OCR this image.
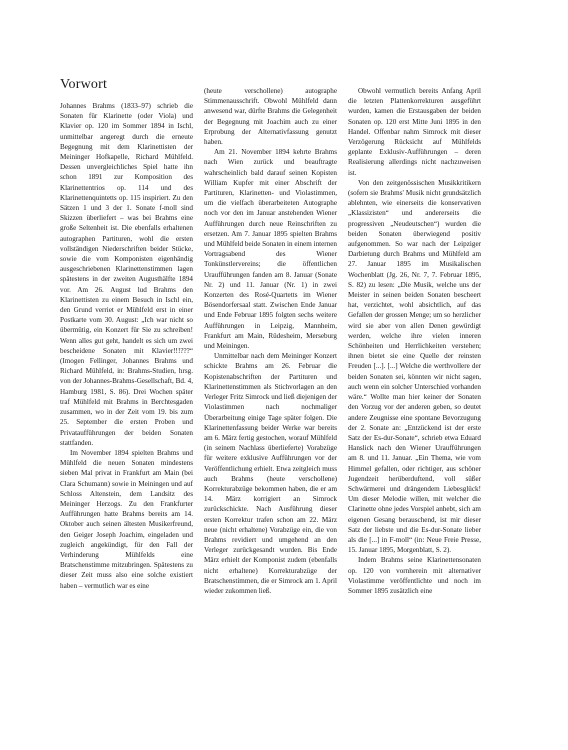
Vorwort

Johannes Brahms (1833–97) schrieb die Sonaten für Klarinette (oder Viola) und Klavier op. 120 im Sommer 1894 in Ischl, unmittelbar angeregt durch die erneute Begegnung mit dem Klarinettisten der Meininger Hofkapelle, Richard Mühlfeld. Dessen unvergleichliches Spiel hatte ihn schon 1891 zur Komposition des Klarinettentrios op. 114 und des Klarinettenquintetts op. 115 inspiriert. Zu den Sätzen 1 und 3 der 1. Sonate f-moll sind Skizzen überliefert – was bei Brahms eine große Seltenheit ist. Die ebenfalls erhaltenen autographen Partituren, wohl die ersten vollständigen Niederschriften beider Stücke, sowie die vom Komponisten eigenhändig ausgeschriebenen Klarinettenstimmen lagen spätestens in der zweiten Augusthälfte 1894 vor. Am 26. August lud Brahms den Klarinettisten zu einem Besuch in Ischl ein, den Grund verriet er Mühlfeld erst in einer Postkarte vom 30. August: „Ich war nicht so übermütig, ein Konzert für Sie zu schreiben! Wenn alles gut geht, handelt es sich um zwei bescheidene Sonaten mit Klavier!!!???“ (Imogen Fellinger, Johannes Brahms und Richard Mühlfeld, in: Brahms-Studien, hrsg. von der Johannes-Brahms-Gesellschaft, Bd. 4, Hamburg 1981, S. 86). Drei Wochen später traf Mühlfeld mit Brahms in Berchtesgaden zusammen, wo in der Zeit vom 19. bis zum 25. September die ersten Proben und Privataufführungen der beiden Sonaten stattfanden.

Im November 1894 spielten Brahms und Mühlfeld die neuen Sonaten mindestens sieben Mal privat in Frankfurt am Main (bei Clara Schumann) sowie in Meiningen und auf Schloss Altenstein, dem Landsitz des Meininger Herzogs. Zu den Frankfurter Aufführungen hatte Brahms bereits am 14. Oktober auch seinen ältesten Musikerfreund, den Geiger Joseph Joachim, eingeladen und zugleich angekündigt, für den Fall der Verhinderung Mühlfelds eine Bratschenstimme mitzubringen. Spätestens zu dieser Zeit muss also eine solche existiert haben – vermutlich war es eine

(heute verschollene) autographe Stimmenausschrift. Obwohl Mühlfeld dann anwesend war, dürfte Brahms die Gelegenheit der Begegnung mit Joachim auch zu einer Erprobung der Alternativfassung genutzt haben.

Am 21. November 1894 kehrte Brahms nach Wien zurück und beauftragte wahrscheinlich bald darauf seinen Kopisten William Kupfer mit einer Abschrift der Partituren, Klarinetten- und Violastimmen, um die vielfach überarbeiteten Autographe noch vor den im Januar anstehenden Wiener Aufführungen durch neue Reinschriften zu ersetzen. Am 7. Januar 1895 spielten Brahms und Mühlfeld beide Sonaten in einem internen Vortragsabend des Wiener Tonkünstlervereins; die öffentlichen Uraufführungen fanden am 8. Januar (Sonate Nr. 2) und 11. Januar (Nr. 1) in zwei Konzerten des Rosé-Quartetts im Wiener Bösendorfersaal statt. Zwischen Ende Januar und Ende Februar 1895 folgten sechs weitere Aufführungen in Leipzig, Mannheim, Frankfurt am Main, Rüdesheim, Merseburg und Meiningen.

Unmittelbar nach dem Meininger Konzert schickte Brahms am 26. Februar die Kopistenabschriften der Partituren und Klarinettenstimmen als Stichvorlagen an den Verleger Fritz Simrock und ließ diejenigen der Violastimmen nach nochmaliger Überarbeitung einige Tage später folgen. Die Klarinettenfassung beider Werke war bereits am 6. März fertig gestochen, worauf Mühlfeld (in seinem Nachlass überlieferte) Vorabzüge für weitere exklusive Aufführungen vor der Veröffentlichung erhielt. Etwa zeitgleich muss auch Brahms (heute verschollene) Korrekturabzüge bekommen haben, die er am 14. März korrigiert an Simrock zurückschickte. Nach Ausführung dieser ersten Korrektur trafen schon am 22. März neue (nicht erhaltene) Vorabzüge ein, die von Brahms revidiert und umgehend an den Verleger zurückgesandt wurden. Bis Ende März erhielt der Komponist zudem (ebenfalls nicht erhaltene) Korrekturabzüge der Bratschenstimmen, die er Simrock am 1. April wieder zukommen ließ.

Obwohl vermutlich bereits Anfang April die letzten Plattenkorrekturen ausgeführt wurden, kamen die Erstausgaben der beiden Sonaten op. 120 erst Mitte Juni 1895 in den Handel. Offenbar nahm Simrock mit dieser Verzögerung Rücksicht auf Mühlfelds geplante Exklusiv-Aufführungen – deren Realisierung allerdings nicht nachzuweisen ist.

Von den zeitgenössischen Musikkritikern (sofern sie Brahms' Musik nicht grundsätzlich ablehnten, wie einerseits die konservativen „Klassizisten“ und andererseits die progressiven „Neudeutschen“) wurden die beiden Sonaten überwiegend positiv aufgenommen. So war nach der Leipziger Darbietung durch Brahms und Mühlfeld am 27. Januar 1895 im Musikalischen Wochenblatt (Jg. 26, Nr. 7, 7. Februar 1895, S. 82) zu lesen: „Die Musik, welche uns der Meister in seinen beiden Sonaten bescheert hat, verzichtet, wohl absichtlich, auf das Gefallen der grossen Menge; um so herzlicher wird sie aber von allen Denen gewürdigt werden, welche ihre vielen inneren Schönheiten und Herrlichkeiten verstehen; ihnen bietet sie eine Quelle der reinsten Freuden [...]. [...] Welche die werthvollere der beiden Sonaten sei, könnten wir nicht sagen, auch wenn ein solcher Unterschied vorhanden wäre.“ Wollte man hier keiner der Sonaten den Vorzug vor der anderen geben, so deutet andere Zeugnisse eine spontane Bevorzugung der 2. Sonate an: „Entzückend ist der erste Satz der Es-dur-Sonate“, schrieb etwa Eduard Hanslick nach den Wiener Uraufführungen am 8. und 11. Januar. „Ein Thema, wie vom Himmel gefallen, oder richtiger, aus schöner Jugendzeit herüberduftend, voll süßer Schwärmerei und drängendem Liebesglück! Um dieser Melodie willen, mit welcher die Clarinette ohne jedes Vorspiel anhebt, sich am eigenen Gesang berauschend, ist mir dieser Satz der liebste und die Es-dur-Sonate lieber als die [...] in F-moll“ (in: Neue Freie Presse, 15. Januar 1895, Morgenblatt, S. 2).

Indem Brahms seine Klarinettensonaten op. 120 von vornherein mit alternativer Violastimme veröffentlichte und noch im Sommer 1895 zusätzlich eine
